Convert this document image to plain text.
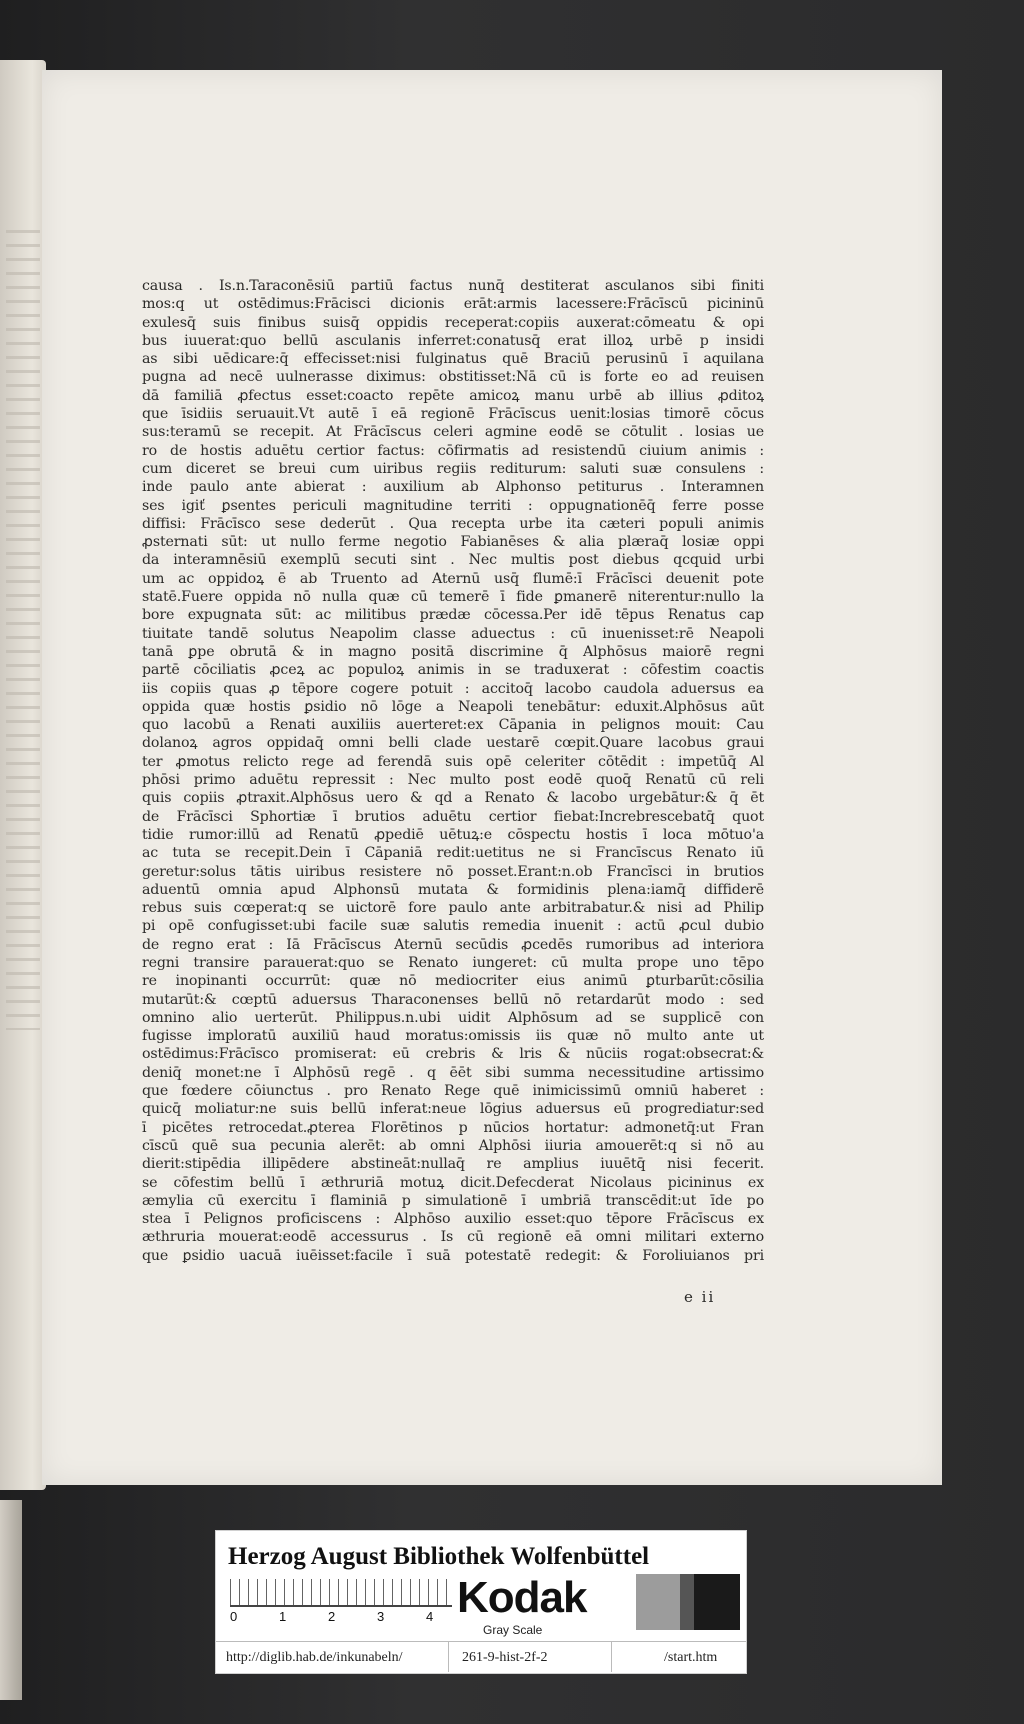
causa . Is.n.Taraconēsiū partiū factus nunq̄ destiterat asculanos sibi finiti
mos:q ut ostēdimus:Frācisci dicionis erāt:armis lacessere:Frācīscū picininū
exulesq̄ suis finibus suisq̄ oppidis receperat:copiis auxerat:cōmeatu & opi
bus iuuerat:quo bellū asculanis inferret:conatusq̄ erat illoꝝ urbē p insidi
as sibi uēdicare:q̄ effecisset:nisi fulginatus quē Braciū perusinū ī aquilana
pugna ad necē uulnerasse diximus: obstitisset:Nā cū is forte eo ad reuisen
dā familiā ꝓfectus esset:coacto repēte amicoꝝ manu urbē ab illius ꝓditoꝝ
que īsidiis seruauit.Vt autē ī eā regionē Frācīscus uenit:losias timorē cōcus
sus:teramū se recepit. At Frācīscus celeri agmine eodē se cōtulit . losias ue
ro de hostis aduētu certior factus: cōfirmatis ad resistendū ciuium animis :
cum diceret se breui cum uiribus regiis rediturum: saluti suæ consulens :
inde paulo ante abierat : auxilium ab Alphonso petiturus . Interamnen
ses igiť ꝑsentes periculi magnitudine territi : oppugnationēq̄ ferre posse
diffisi: Frācīsco sese dederūt . Qua recepta urbe ita cæteri populi animis
ꝓsternati sūt: ut nullo ferme negotio Fabianēses & alia plæraq̄ losiæ oppi
da interamnēsiū exemplū secuti sint . Nec multis post diebus qcquid urbi
um ac oppidoꝝ ē ab Truento ad Aternū usq̄ flumē:ī Frācīsci deuenit pote
statē.Fuere oppida nō nulla quæ cū temerē ī fide ꝑmanerē niterentur:nullo la
bore expugnata sūt: ac militibus prædæ cōcessa.Per idē tēpus Renatus cap
tiuitate tandē solutus Neapolim classe aduectus : cū inuenisset:rē Neapoli
tanā ꝑpe obrutā & in magno positā discrimine q̄ Alphōsus maiorē regni
partē cōciliatis ꝓceꝝ ac populoꝝ animis in se traduxerat : cōfestim coactis
iis copiis quas ꝓ tēpore cogere potuit : accitoq̄ lacobo caudola aduersus ea
oppida quæ hostis ꝑsidio nō lōge a Neapoli tenebātur: eduxit.Alphōsus aūt
quo lacobū a Renati auxiliis auerteret:ex Cāpania in pelignos mouit: Cau
dolanoꝝ agros oppidaq̄ omni belli clade uestarē cœpit.Quare lacobus graui
ter ꝓmotus relicto rege ad ferendā suis opē celeriter cōtēdit : impetūq̄ Al
phōsi primo aduētu repressit : Nec multo post eodē quoq̄ Renatū cū reli
quis copiis ꝓtraxit.Alphōsus uero & qd a Renato & lacobo urgebātur:& q̄ ēt
de Frācīsci Sphortiæ ī brutios aduētu certior fiebat:Increbrescebatq̄ quot
tidie rumor:illū ad Renatū ꝓpediē uētuꝝ:e cōspectu hostis ī loca mōtuo'a
ac tuta se recepit.Dein ī Cāpaniā redit:uetitus ne si Francīscus Renato iū
geretur:solus tātis uiribus resistere nō posset.Erant:n.ob Francīsci in brutios
aduentū omnia apud Alphonsū mutata & formidinis plena:iamq̄ diffiderē
rebus suis cœperat:q se uictorē fore paulo ante arbitrabatur.& nisi ad Philip
pi opē confugisset:ubi facile suæ salutis remedia inuenit : actū ꝓcul dubio
de regno erat : Iā Frācīscus Aternū secūdis ꝓcedēs rumoribus ad interiora
regni transire parauerat:quo se Renato iungeret: cū multa prope uno tēpo
re inopinanti occurrūt: quæ nō mediocriter eius animū ꝑturbarūt:cōsilia
mutarūt:& cœptū aduersus Tharaconenses bellū nō retardarūt modo : sed
omnino alio uerterūt. Philippus.n.ubi uidit Alphōsum ad se supplicē con
fugisse imploratū auxiliū haud moratus:omissis iis quæ nō multo ante ut
ostēdimus:Frācīsco promiserat: eū crebris & lris & nūciis rogat:obsecrat:&
deniq̄ monet:ne ī Alphōsū regē . q ēēt sibi summa necessitudine artissimo
que fœdere cōiunctus . pro Renato Rege quē inimicissimū omniū haberet :
quicq̄ moliatur:ne suis bellū inferat:neue lōgius aduersus eū progrediatur:sed
ī picētes retrocedat.ꝓterea Florētinos p nūcios hortatur: admonetq̄:ut Fran
cīscū quē sua pecunia alerēt: ab omni Alphōsi iiuria amouerēt:q si nō au
dierit:stipēdia illipēdere abstineāt:nullaq̄ re amplius iuuētq̄ nisi fecerit.
se cōfestim bellū ī æthruriā motuꝝ dicit.Defecderat Nicolaus picininus ex
æmylia cū exercitu ī flaminiā p simulationē ī umbriā transcēdit:ut īde po
stea ī Pelignos proficiscens : Alphōso auxilio esset:quo tēpore Frācīscus ex
æthruria mouerat:eodē accessurus . Is cū regionē eā omni militari externo
que ꝑsidio uacuā iuēisset:facile ī suā potestatē redegit: & Foroliuianos pri
e ii
Herzog August Bibliothek Wolfenbüttel
0	1	2	3	4 Kodak
Gray Scale
http://diglib.hab.de/inkunabeln/	261-9-hist-2f-2	/start.htm
